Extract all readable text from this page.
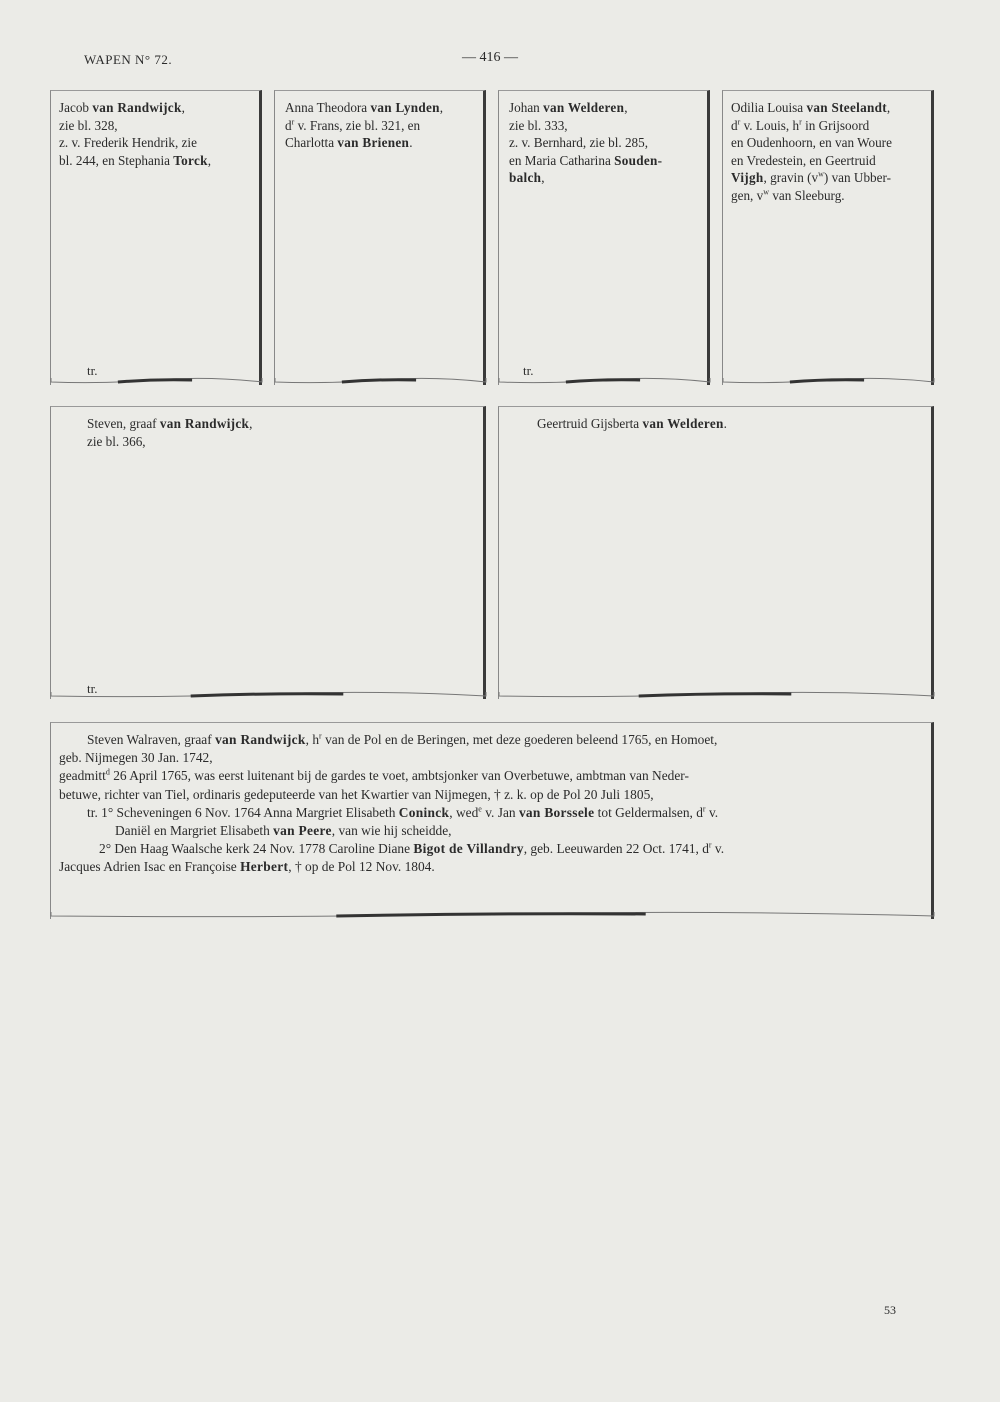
WAPEN N° 72.	— 416 —

Jacob van Randwijck,

zie bl. 328,

z. v. Frederik Hendrik, zie

bl. 244, en Stephania Torck,

tr.

Anna Theodora van Lynden,

$d^r$ v. Frans, zie bl. 321, en

Charlotta van Brienen.

Johan van Welderen,

zie bl. 333,

z. v. Bernhard, zie bl. 285,

en Maria Catharina Souden-

balch,

tr.

Odilia Louisa van Steelandt,

$d^r$ v. Louis, $h^r$ in Grijsoord

en Oudenhoorn, en van Woure

en Vredestein, en Geertruid

Vijgh, gravin $(v^w)$ van Ubber-

gen, $v^w$ van Sleeburg.

Steven, graaf van Randwijck,

zie bl. 366,

tr.

Geertruid Gijsberta van Welderen.

Steven Walraven, graaf van Randwijck, $h^r$ van de Pol en de Beringen, met deze goederen beleend 1765, en Homoet,

geb. Nijmegen 30 Jan. 1742,

geadmitt$^d$ 26 April 1765, was eerst luitenant bij de gardes te voet, ambtsjonker van Overbetuwe, ambtman van Neder-

betuwe, richter van Tiel, ordinaris gedeputeerde van het Kwartier van Nijmegen, † z. k. op de Pol 20 Juli 1805,

tr. 1° Scheveningen 6 Nov. 1764 Anna Margriet Elisabeth Coninck, wed$^e$ v. Jan van Borssele tot Geldermalsen, $d^r$ v.

Daniël en Margriet Elisabeth van Peere, van wie hij scheidde,

2° Den Haag Waalsche kerk 24 Nov. 1778 Caroline Diane Bigot de Villandry, geb. Leeuwarden 22 Oct. 1741, $d^r$ v.

Jacques Adrien Isac en Françoise Herbert, † op de Pol 12 Nov. 1804.

53
